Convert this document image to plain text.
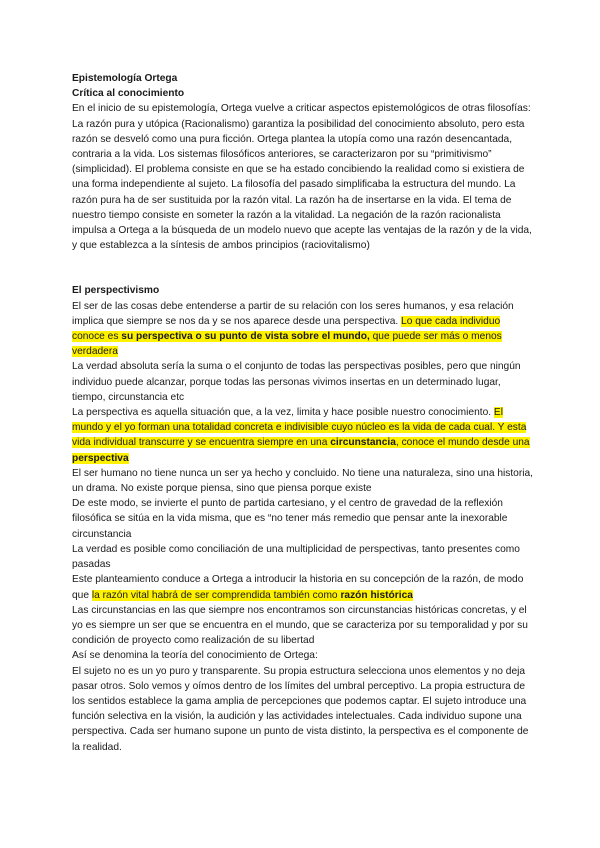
Epistemología Ortega

Crítica al conocimiento

En el inicio de su epistemología, Ortega vuelve a criticar aspectos epistemológicos de otras filosofías:

La razón pura y utópica (Racionalismo) garantiza la posibilidad del conocimiento absoluto, pero esta razón se desveló como una pura ficción. Ortega plantea la utopía como una razón desencantada, contraria a la vida. Los sistemas filosóficos anteriores, se caracterizaron por su “primitivismo” (simplicidad). El problema consiste en que se ha estado concibiendo la realidad como si existiera de una forma independiente al sujeto. La filosofía del pasado simplificaba la estructura del mundo. La razón pura ha de ser sustituida por la razón vital. La razón ha de insertarse en la vida. El tema de nuestro tiempo consiste en someter la razón a la vitalidad. La negación de la razón racionalista impulsa a Ortega a la búsqueda de un modelo nuevo que acepte las ventajas de la razón y de la vida, y que establezca a la síntesis de ambos principios (raciovitalismo)

El perspectivismo

El ser de las cosas debe entenderse a partir de su relación con los seres humanos, y esa relación implica que siempre se nos da y se nos aparece desde una perspectiva. Lo que cada individuo conoce es su perspectiva o su punto de vista sobre el mundo, que puede ser más o menos verdadera

La verdad absoluta sería la suma o el conjunto de todas las perspectivas posibles, pero que ningún individuo puede alcanzar, porque todas las personas vivimos insertas en un determinado lugar, tiempo, circunstancia etc

La perspectiva es aquella situación que, a la vez, limita y hace posible nuestro conocimiento. El mundo y el yo forman una totalidad concreta e indivisible cuyo núcleo es la vida de cada cual. Y esta vida individual transcurre y se encuentra siempre en una circunstancia, conoce el mundo desde una perspectiva

El ser humano no tiene nunca un ser ya hecho y concluido. No tiene una naturaleza, sino una historia, un drama. No existe porque piensa, sino que piensa porque existe

De este modo, se invierte el punto de partida cartesiano, y el centro de gravedad de la reflexión filosófica se sitúa en la vida misma, que es “no tener más remedio que pensar ante la inexorable circunstancia

La verdad es posible como conciliación de una multiplicidad de perspectivas, tanto presentes como pasadas

Este planteamiento conduce a Ortega a introducir la historia en su concepción de la razón, de modo que la razón vital habrá de ser comprendida también como razón histórica

Las circunstancias en las que siempre nos encontramos son circunstancias históricas concretas, y el yo es siempre un ser que se encuentra en el mundo, que se caracteriza por su temporalidad y por su condición de proyecto como realización de su libertad

Así se denomina la teoría del conocimiento de Ortega:

El sujeto no es un yo puro y transparente. Su propia estructura selecciona unos elementos y no deja pasar otros. Solo vemos y oímos dentro de los límites del umbral perceptivo. La propia estructura de los sentidos establece la gama amplia de percepciones que podemos captar. El sujeto introduce una función selectiva en la visión, la audición y las actividades intelectuales. Cada individuo supone una perspectiva. Cada ser humano supone un punto de vista distinto, la perspectiva es el componente de la realidad.
